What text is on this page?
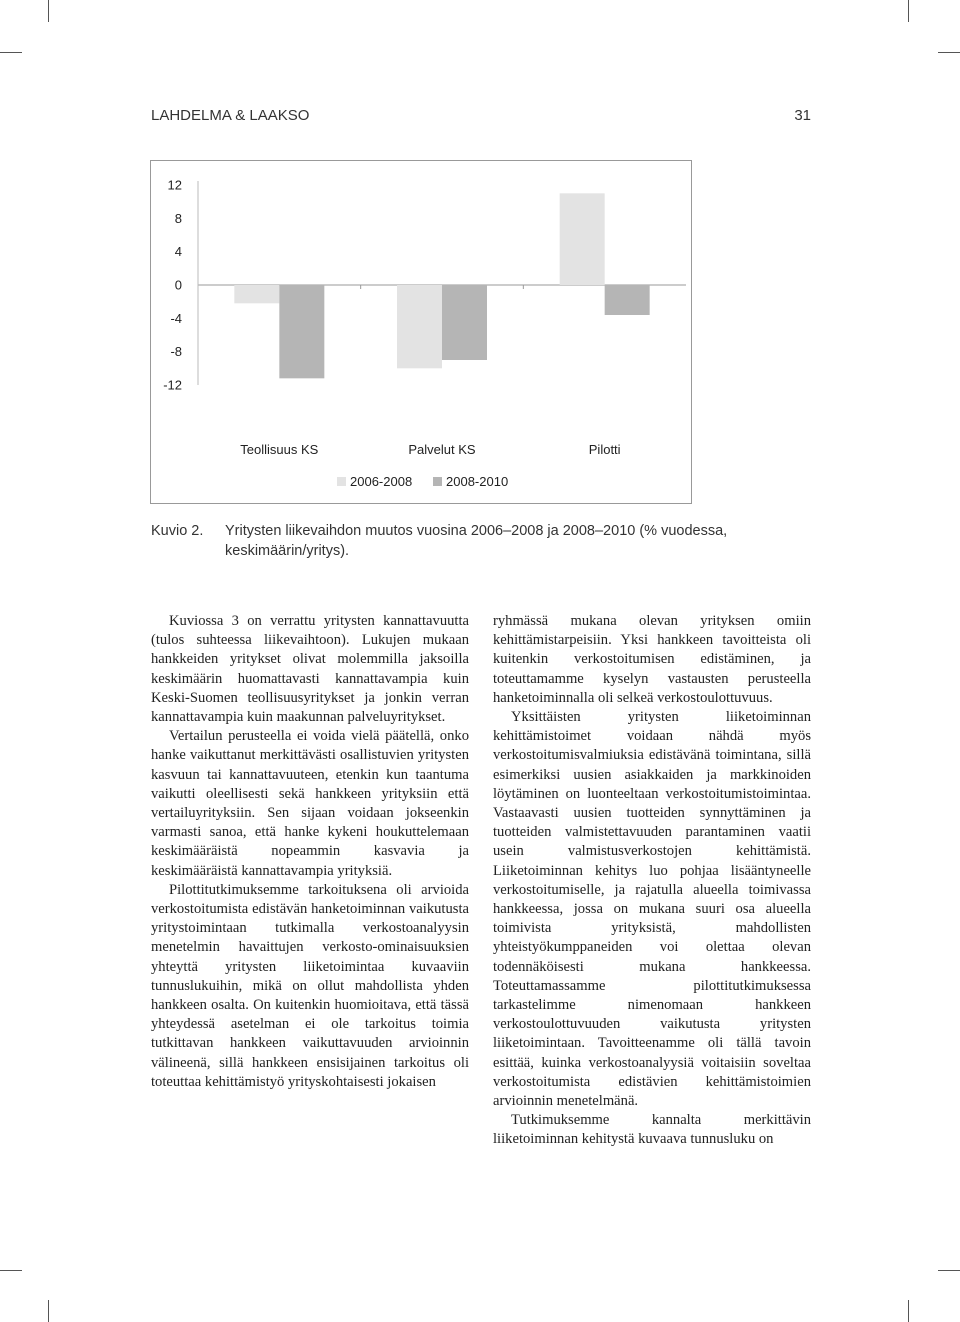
LAHDELMA & LAAKSO	31
12
8
4
0
-4
-8
-12
Teollisuus KS	Palvelut KS	Pilotti
2006-2008	2008-2010
Kuvio 2. Yritysten liikevaihdon muutos vuosina 2006–2008 ja 2008–2010 (% vuodessa, keskimäärin/yritys).

Kuviossa 3 on verrattu yritysten kannattavuutta (tulos suhteessa liikevaihtoon). Lukujen mukaan hankkeiden yritykset olivat molemmilla jaksoilla keskimäärin huomattavasti kannattavampia kuin Keski-Suomen teollisuusyritykset ja jonkin verran kannattavampia kuin maakunnan palveluyritykset.

Vertailun perusteella ei voida vielä päätellä, onko hanke vaikuttanut merkittävästi osallistuvien yritysten kasvuun tai kannattavuuteen, etenkin kun taantuma vaikutti oleellisesti sekä hankkeen yrityksiin että vertailuyrityksiin. Sen sijaan voidaan jokseenkin varmasti sanoa, että hanke kykeni houkuttelemaan keskimääräistä nopeammin kasvavia ja keskimääräistä kannattavampia yrityksiä.

Pilottitutkimuksemme tarkoituksena oli arvioida verkostoitumista edistävän hanketoiminnan vaikutusta yritystoimintaan tutkimalla verkostoanalyysin menetelmin havaittujen verkosto-ominaisuuksien yhteyttä yritysten liiketoimintaa kuvaaviin tunnuslukuihin, mikä on ollut mahdollista yhden hankkeen osalta. On kuitenkin huomioitava, että tässä yhteydessä asetelman ei ole tarkoitus toimia tutkittavan hankkeen vaikuttavuuden arvioinnin välineenä, sillä hankkeen ensisijainen tarkoitus oli toteuttaa kehittämistyö yrityskohtaisesti jokaisen

ryhmässä mukana olevan yrityksen omiin kehittämistarpeisiin. Yksi hankkeen tavoitteista oli kuitenkin verkostoitumisen edistäminen, ja toteuttamamme kyselyn vastausten perusteella hanketoiminnalla oli selkeä verkostoulottuvuus.

Yksittäisten yritysten liiketoiminnan kehittämistoimet voidaan nähdä myös verkostoitumisvalmiuksia edistävänä toimintana, sillä esimerkiksi uusien asiakkaiden ja markkinoiden löytäminen on luonteeltaan verkostoitumistoimintaa. Vastaavasti uusien tuotteiden synnyttäminen ja tuotteiden valmistettavuuden parantaminen vaatii usein valmistusverkostojen kehittämistä. Liiketoiminnan kehitys luo pohjaa lisääntyneelle verkostoitumiselle, ja rajatulla alueella toimivassa hankkeessa, jossa on mukana suuri osa alueella toimivista yrityksistä, mahdollisten yhteistyökumppaneiden voi olettaa olevan todennäköisesti mukana hankkeessa. Toteuttamassamme pilottitutkimuksessa tarkastelimme nimenomaan hankkeen verkostoulottuvuuden vaikutusta yritysten liiketoimintaan. Tavoitteenamme oli tällä tavoin esittää, kuinka verkostoanalyysiä voitaisiin soveltaa verkostoitumista edistävien kehittämistoimien arvioinnin menetelmänä.

Tutkimuksemme kannalta merkittävin liiketoiminnan kehitystä kuvaava tunnusluku on
